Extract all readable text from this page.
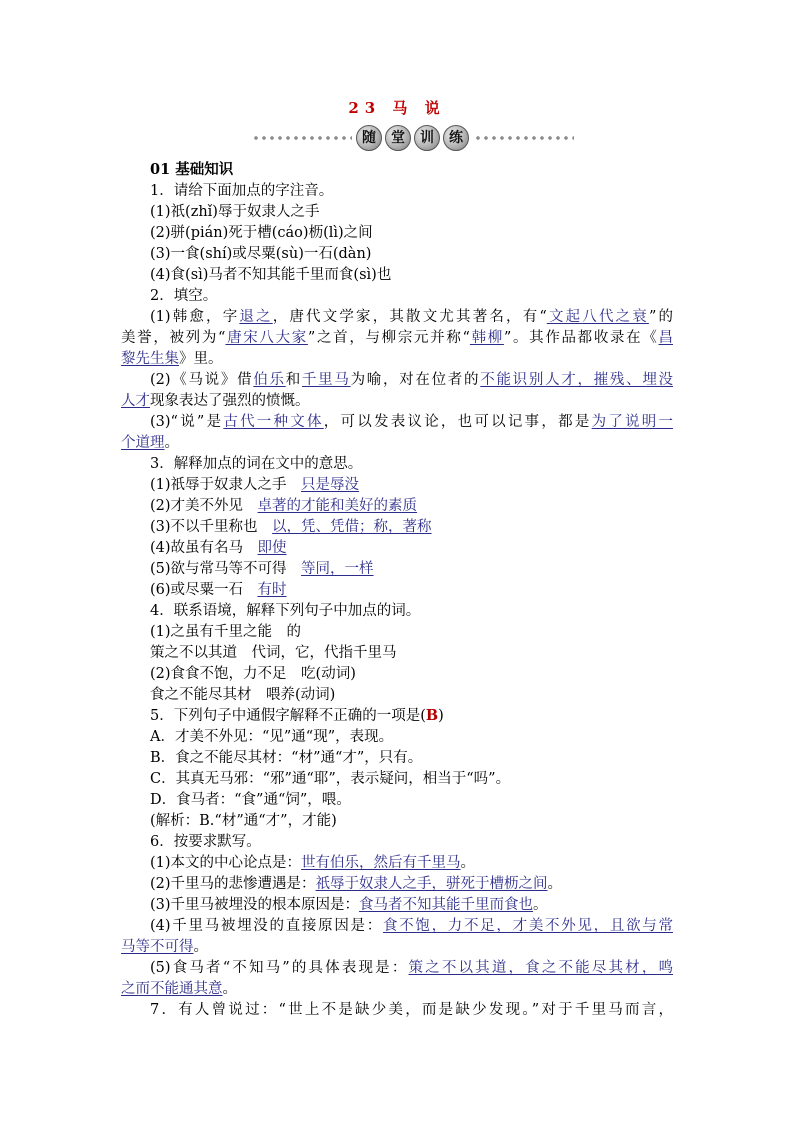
23 马 说
随	堂	训	练
01 基础知识
1．请给下面加点的字注音。
(1)祇(zhǐ)辱于奴隶人之手
(2)骈(pián)死于槽(cáo)枥(lì)之间
(3)一食(shí)或尽粟(sù)一石(dàn)
(4)食(sì)马者不知其能千里而食(sì)也
2．填空。
(1)韩愈，字退之，唐代文学家，其散文尤其著名，有“文起八代之衰”的
美誉，被列为“唐宋八大家”之首，与柳宗元并称“韩柳”。其作品都收录在《昌
黎先生集》里。
(2)《马说》借伯乐和千里马为喻，对在位者的不能识别人才，摧残、埋没
人才现象表达了强烈的愤慨。
(3)“说”是古代一种文体，可以发表议论，也可以记事，都是为了说明一
个道理。
3．解释加点的词在文中的意思。
(1)祇辱于奴隶人之手　只是辱没
(2)才美不外见　卓著的才能和美好的素质
(3)不以千里称也　以，凭、凭借；称，著称
(4)故虽有名马　即使
(5)欲与常马等不可得　等同，一样
(6)或尽粟一石　有时
4．联系语境，解释下列句子中加点的词。
(1)之虽有千里之能　的
策之不以其道　代词，它，代指千里马
(2)食食不饱，力不足　吃(动词)
食之不能尽其材　喂养(动词)
5．下列句子中通假字解释不正确的一项是(B)
A．才美不外见：“见”通“现”，表现。
B．食之不能尽其材：“材”通“才”，只有。
C．其真无马邪：“邪”通“耶”，表示疑问，相当于“吗”。
D．食马者：“食”通“饲”，喂。
(解析：B.“材”通“才”，才能)
6．按要求默写。
(1)本文的中心论点是：世有伯乐，然后有千里马。
(2)千里马的悲惨遭遇是：祇辱于奴隶人之手，骈死于槽枥之间。
(3)千里马被埋没的根本原因是：食马者不知其能千里而食也。
(4)千里马被埋没的直接原因是：食不饱，力不足，才美不外见，且欲与常
马等不可得。
(5)食马者“不知马”的具体表现是：策之不以其道，食之不能尽其材，鸣
之而不能通其意。
7．有人曾说过：“世上不是缺少美，而是缺少发现。”对于千里马而言，
